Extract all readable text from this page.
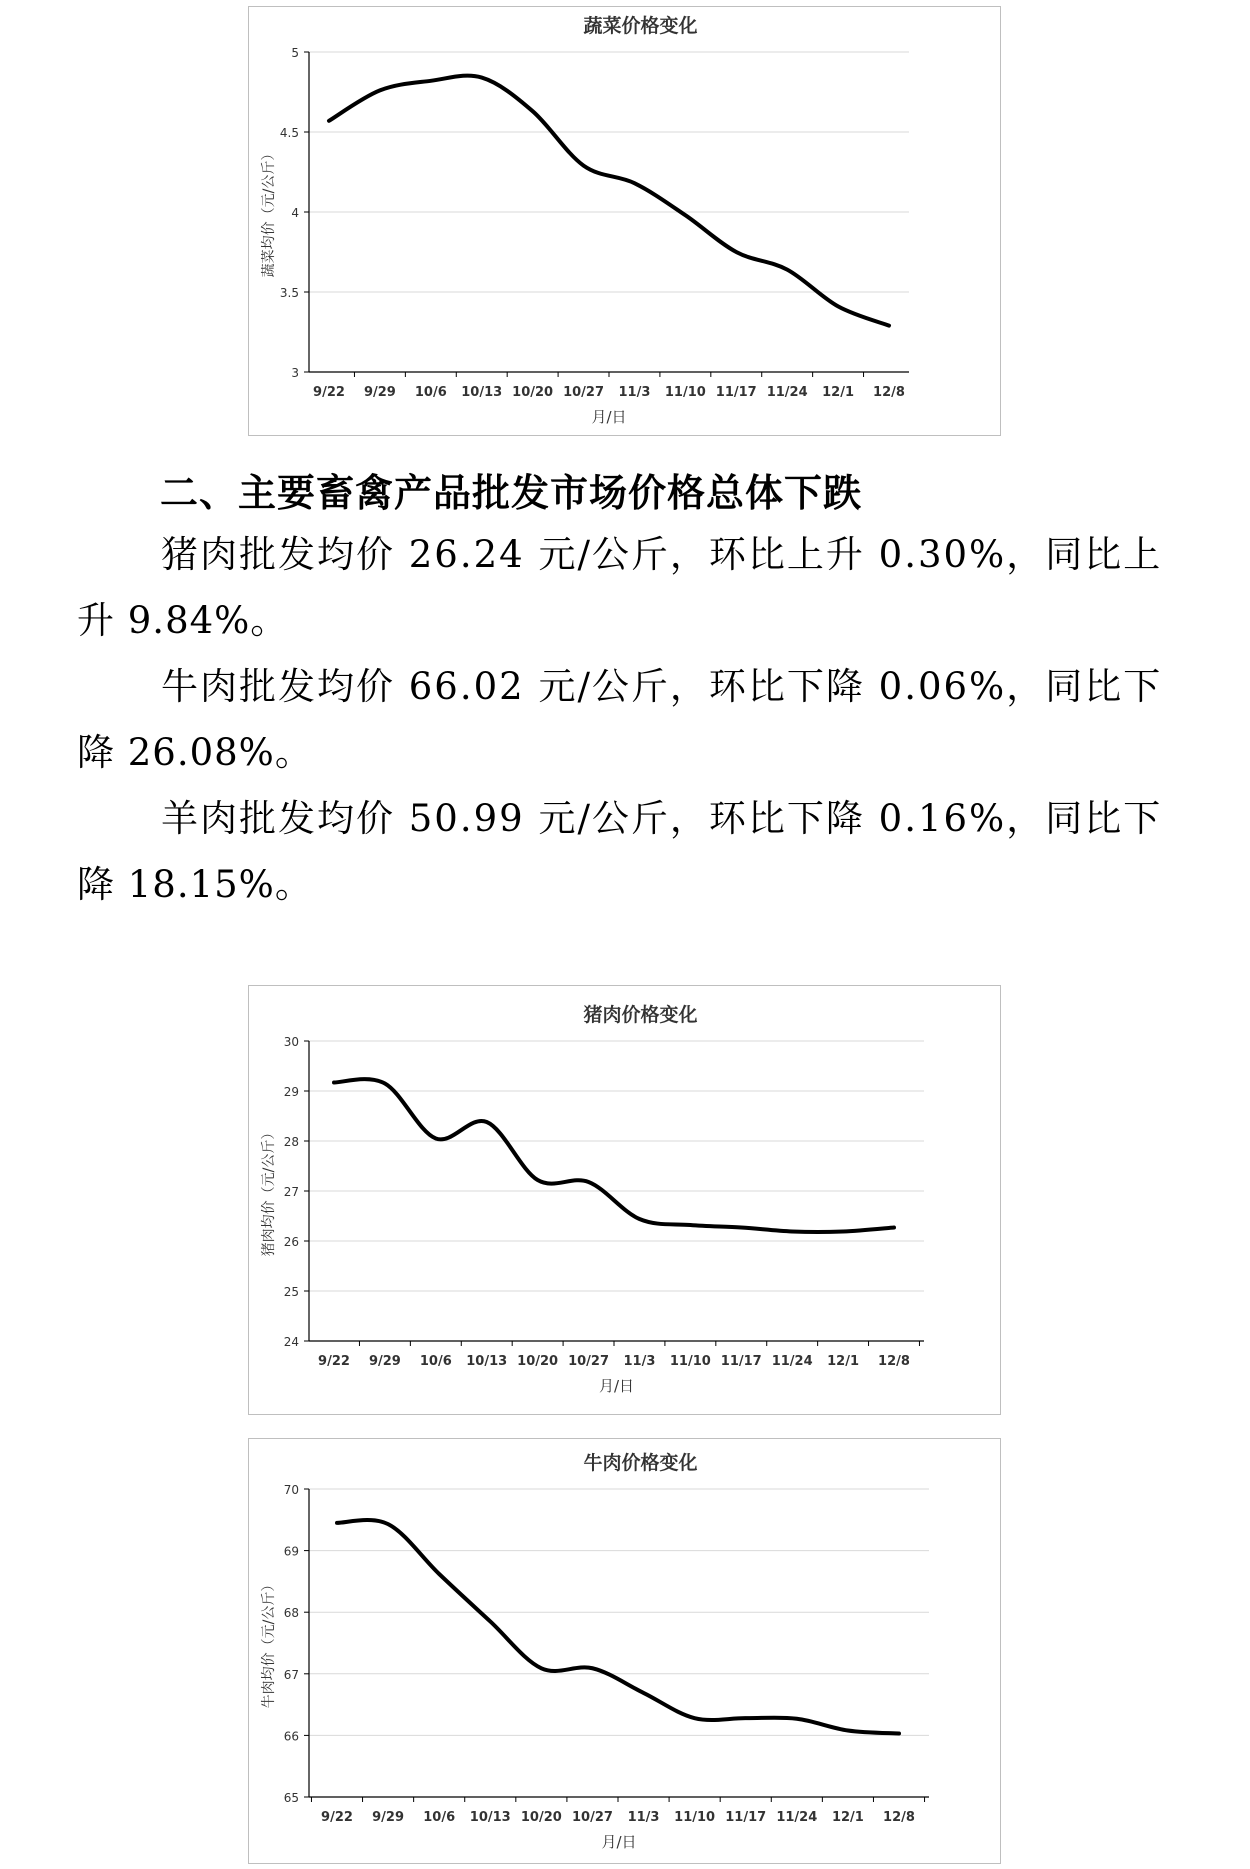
3
3.5
4
4.5
5
9/22 9/29 10/6 10/13 10/20 10/27 11/3 11/10 11/17 11/24 12/1 12/8
蔬菜价格变化
月/日
蔬菜均价（元/公斤）
二、主要畜禽产品批发市场价格总体下跌
猪肉批发均价 26.24 元/公斤，环比上升 0.30%，同比上
升 9.84%。
牛肉批发均价 66.02 元/公斤，环比下降 0.06%，同比下
降 26.08%。
羊肉批发均价 50.99 元/公斤，环比下降 0.16%，同比下
降 18.15%。
24
25
26
27
28
29
30
9/22 9/29 10/6 10/13 10/20 10/27 11/3 11/10 11/17 11/24 12/1 12/8
猪肉价格变化
月/日
猪肉均价（元/公斤）
65
66
67
68
69
70
9/22 9/29 10/6 10/13 10/20 10/27 11/3 11/10 11/17 11/24 12/1 12/8
牛肉价格变化
月/日
牛肉均价（元/公斤）
